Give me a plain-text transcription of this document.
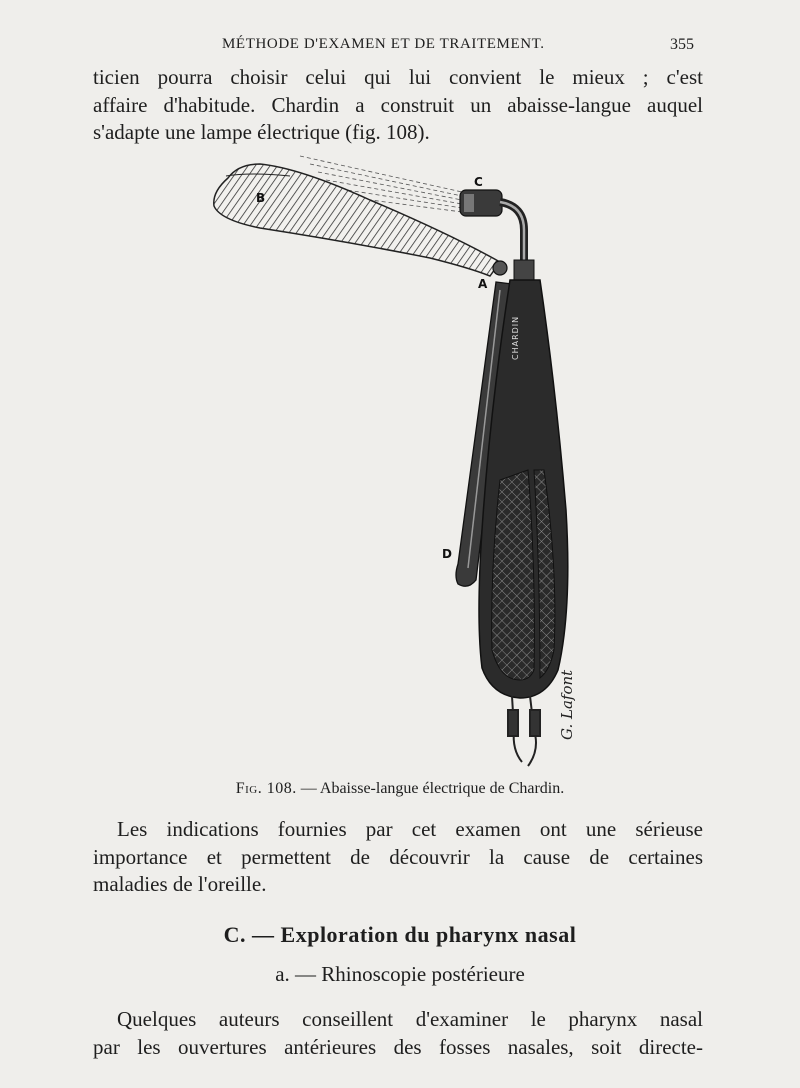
MÉTHODE D'EXAMEN ET DE TRAITEMENT.	355
ticien pourra choisir celui qui lui convient le mieux ; c'est
affaire d'habitude. Chardin a construit un abaisse-langue auquel
s'adapte une lampe électrique (fig. 108).
CHARDIN
B
C
A
D
G. Lafont
Fig. 108. — Abaisse-langue électrique de Chardin.
Les indications fournies par cet examen ont une sérieuse
importance et permettent de découvrir la cause de certaines
maladies de l'oreille.
C. — Exploration du pharynx nasal
a. — Rhinoscopie postérieure
Quelques auteurs conseillent d'examiner le pharynx nasal
par les ouvertures antérieures des fosses nasales, soit directe-
